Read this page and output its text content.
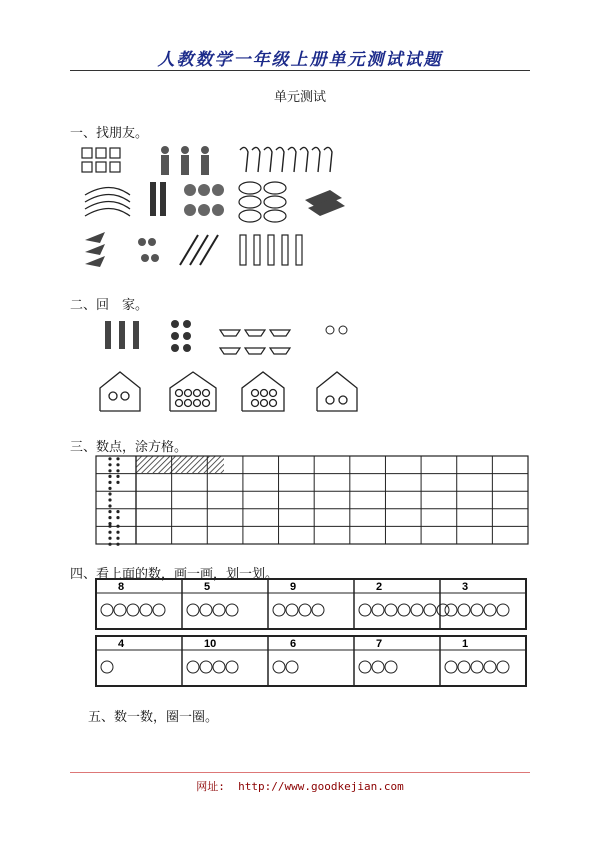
人教数学一年级上册单元测试试题
单元测试
一、找朋友。
二、回　家。
三、数点，涂方格。
四、看上面的数，画一画，划一划。
8	5	9	2	3
4	10	6	7	1
五、数一数，圈一圈。
网址: http://www.goodkejian.com
